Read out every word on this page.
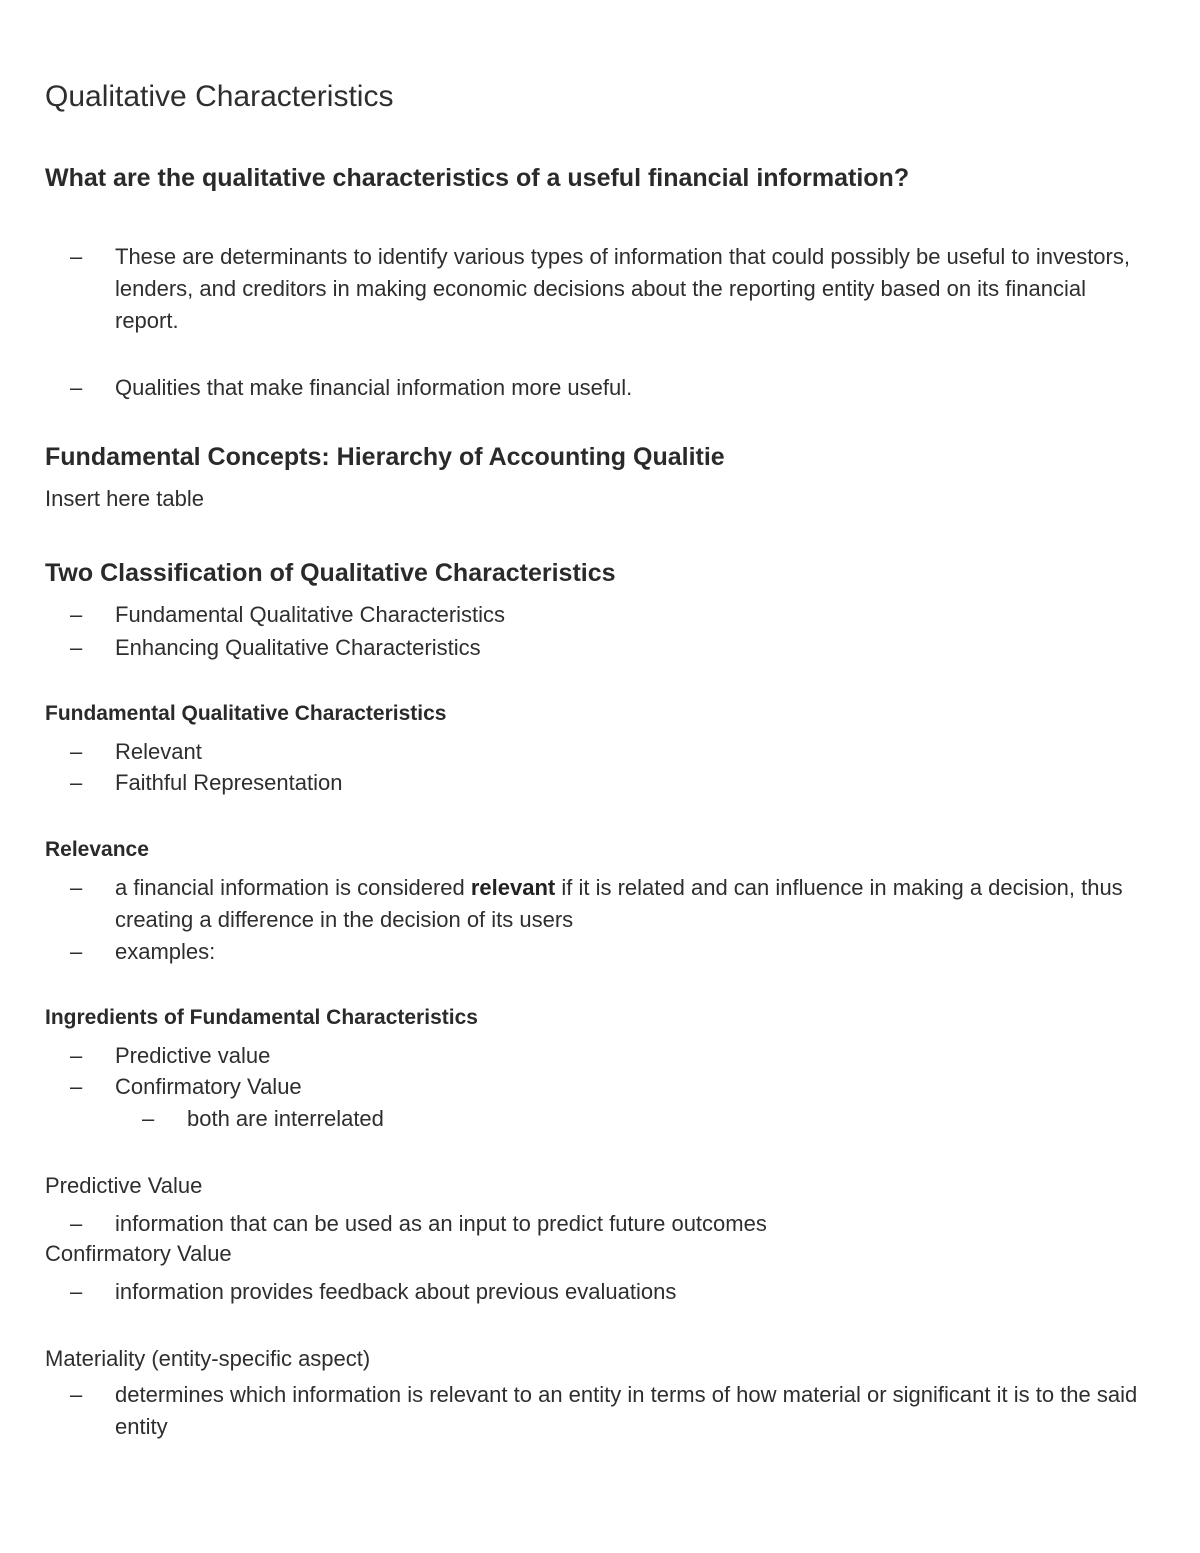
Qualitative Characteristics
What are the qualitative characteristics of a useful financial information?
–	These are determinants to identify various types of information that could possibly be useful to investors, lenders, and creditors in making economic decisions about the reporting entity based on its financial report.
–	Qualities that make financial information more useful.
Fundamental Concepts: Hierarchy of Accounting Qualitie
Insert here table
Two Classification of Qualitative Characteristics
–	Fundamental Qualitative Characteristics
–	Enhancing Qualitative Characteristics
Fundamental Qualitative Characteristics
–	Relevant
–	Faithful Representation
Relevance
–	a financial information is considered relevant if it is related and can influence in making a decision, thus creating a difference in the decision of its users
–	examples:
Ingredients of Fundamental Characteristics
–	Predictive value
–	Confirmatory Value
–	both are interrelated
Predictive Value
–	information that can be used as an input to predict future outcomes
Confirmatory Value
–	information provides feedback about previous evaluations
Materiality (entity-specific aspect)
–	determines which information is relevant to an entity in terms of how material or significant it is to the said entity
